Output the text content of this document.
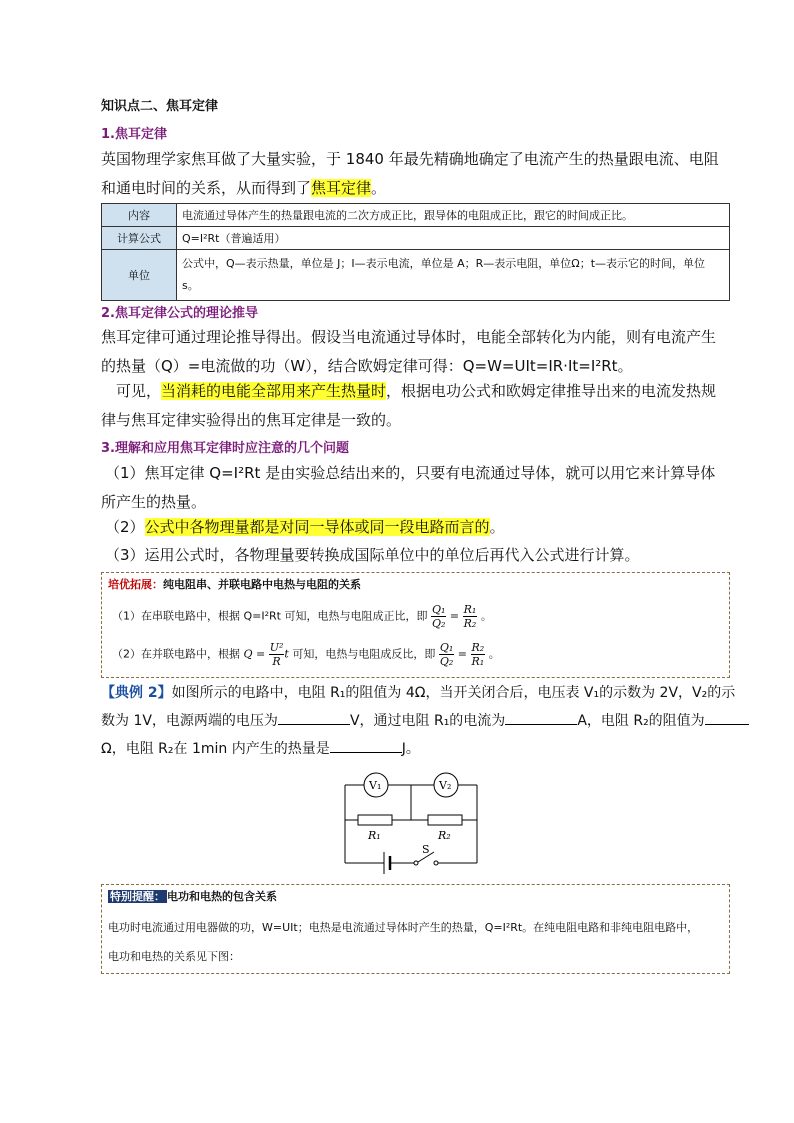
知识点二、焦耳定律
1.焦耳定律
英国物理学家焦耳做了大量实验，于 1840 年最先精确地确定了电流产生的热量跟电流、电阻和通电时间的关系，从而得到了焦耳定律。
内容	电流通过导体产生的热量跟电流的二次方成正比，跟导体的电阻成正比，跟它的时间成正比。
计算公式	Q=I²Rt（普遍适用）
单位	公式中，Q—表示热量，单位是 J；I—表示电流，单位是 A；R—表示电阻，单位Ω；t—表示它的时间，单位 s。
2.焦耳定律公式的理论推导
焦耳定律可通过理论推导得出。假设当电流通过导体时，电能全部转化为内能，则有电流产生的热量（Q）=电流做的功（W），结合欧姆定律可得：Q=W=UIt=IR·It=I²Rt。
可见，当消耗的电能全部用来产生热量时，根据电功公式和欧姆定律推导出来的电流发热规律与焦耳定律实验得出的焦耳定律是一致的。
3.理解和应用焦耳定律时应注意的几个问题
（1）焦耳定律 Q=I²Rt 是由实验总结出来的，只要有电流通过导体，就可以用它来计算导体所产生的热量。
（2）公式中各物理量都是对同一导体或同一段电路而言的。
（3）运用公式时，各物理量要转换成国际单位中的单位后再代入公式进行计算。
培优拓展：纯电阻串、并联电路中电热与电阻的关系
（1）在串联电路中，根据 Q=I²Rt 可知，电热与电阻成正比，即 $\frac{\text{Q₁}}{\text{Q₂}} = \frac{\text{R₁}}{\text{R₂}}$ 。
（2）在并联电路中，根据 $Q = \frac{\text{U²}}{R}$ t 可知，电热与电阻成反比，即 $\frac{\text{Q₁}}{\text{Q₂}} = \frac{\text{R₂}}{\text{R₁}}$ 。
【典例 2】如图所示的电路中，电阻 R₁的阻值为 4Ω，当开关闭合后，电压表 V₁的示数为 2V，V₂的示
数为 1V，电源两端的电压为	V，通过电阻 R₁的电流为	A，电阻 R₂的阻值为
Ω，电阻 R₂在 1min 内产生的热量是	J。
V₁	V₂
R₁	R₂
S
特别提醒： 电功和电热的包含关系
电功时电流通过用电器做的功，W=UIt；电热是电流通过导体时产生的热量，Q=I²Rt。在纯电阻电路和非纯电阻电路中，
电功和电热的关系见下图：
